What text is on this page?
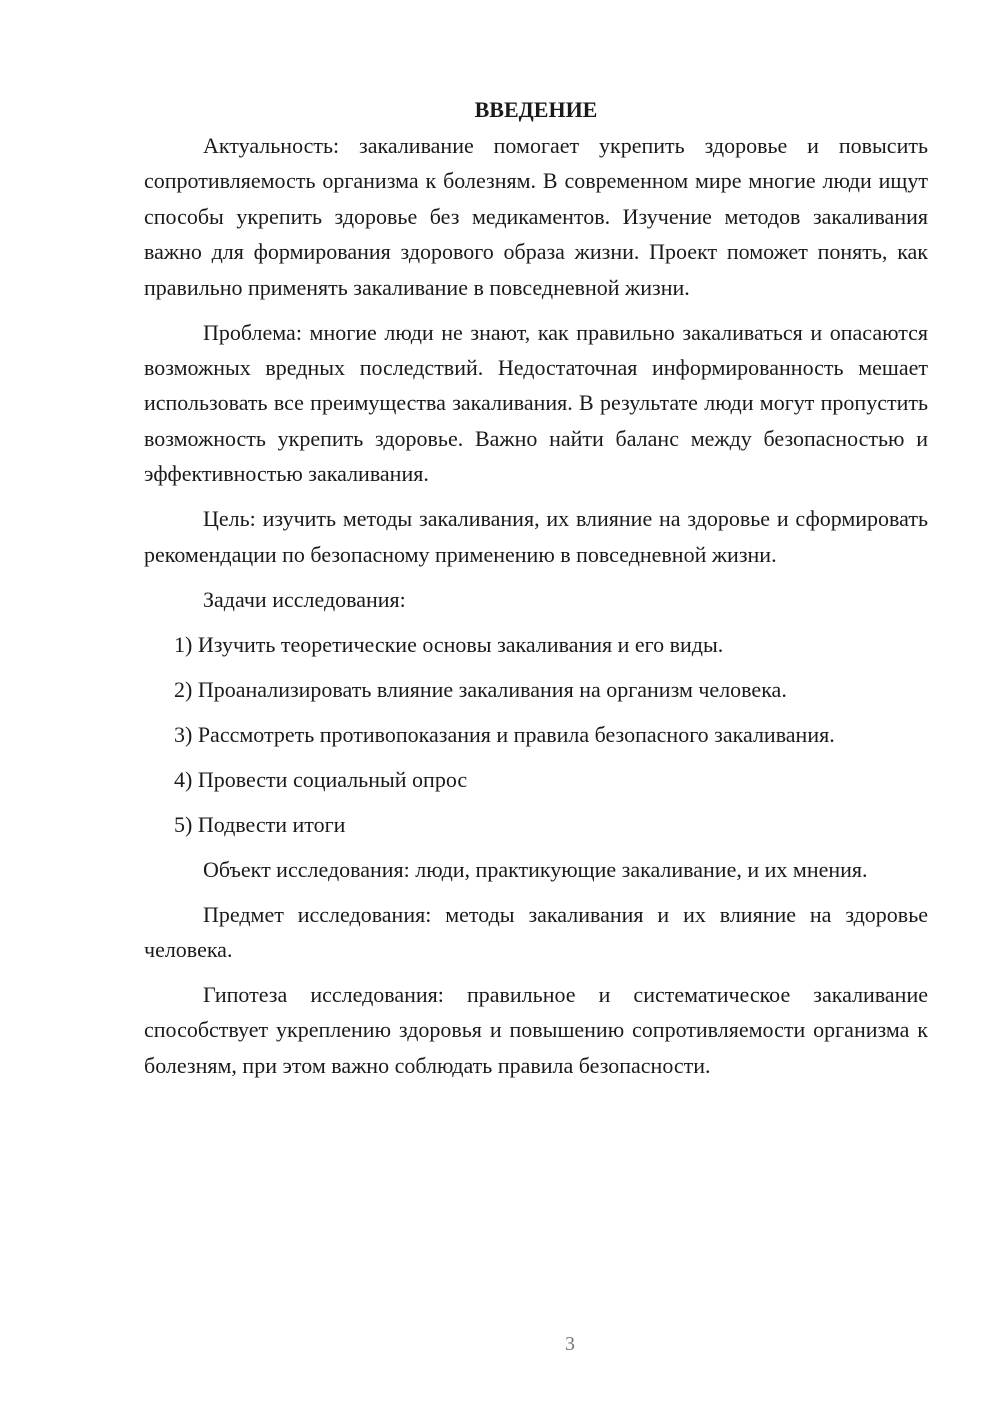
ВВЕДЕНИЕ

Актуальность: закаливание помогает укрепить здоровье и повысить сопротивляемость организма к болезням. В современном мире многие люди ищут способы укрепить здоровье без медикаментов. Изучение методов закаливания важно для формирования здорового образа жизни. Проект поможет понять, как правильно применять закаливание в повседневной жизни.

Проблема: многие люди не знают, как правильно закаливаться и опасаются возможных вредных последствий. Недостаточная информированность мешает использовать все преимущества закаливания. В результате люди могут пропустить возможность укрепить здоровье. Важно найти баланс между безопасностью и эффективностью закаливания.

Цель: изучить методы закаливания, их влияние на здоровье и сформировать рекомендации по безопасному применению в повседневной жизни.

Задачи исследования:

1) Изучить теоретические основы закаливания и его виды.

2) Проанализировать влияние закаливания на организм человека.

3) Рассмотреть противопоказания и правила безопасного закаливания.

4) Провести социальный опрос

5) Подвести итоги

Объект исследования: люди, практикующие закаливание, и их мнения.

Предмет исследования: методы закаливания и их влияние на здоровье человека.

Гипотеза исследования: правильное и систематическое закаливание способствует укреплению здоровья и повышению сопротивляемости организма к болезням, при этом важно соблюдать правила безопасности.

3
